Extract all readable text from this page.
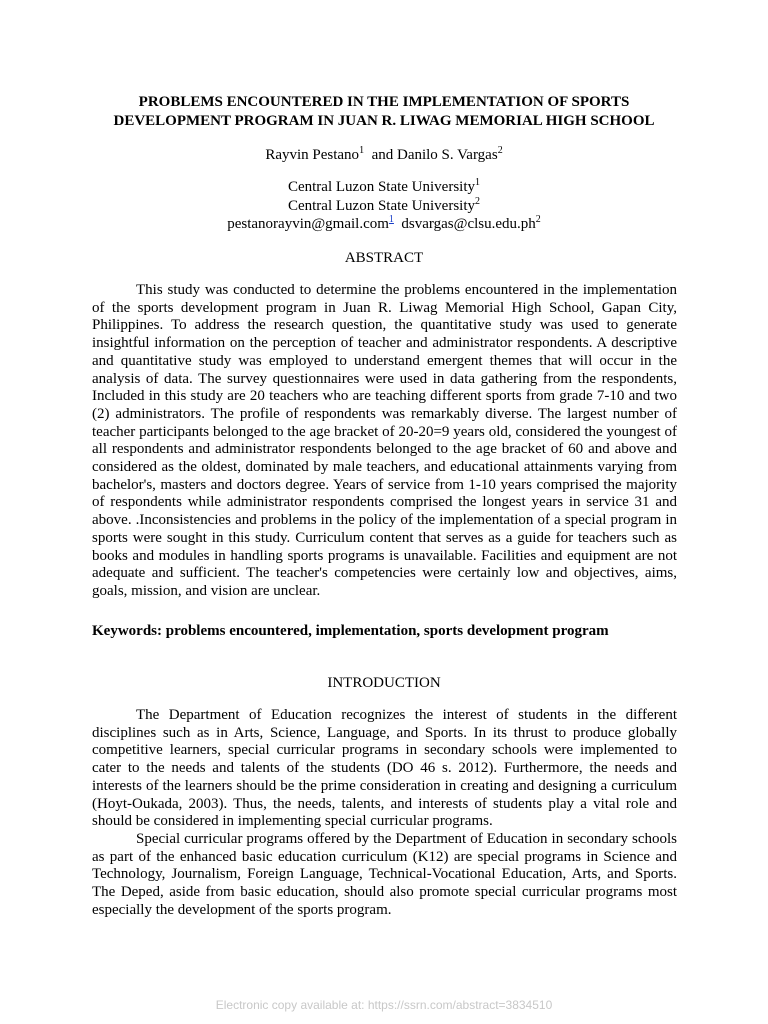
PROBLEMS ENCOUNTERED IN THE IMPLEMENTATION OF SPORTS
DEVELOPMENT PROGRAM IN JUAN R. LIWAG MEMORIAL HIGH SCHOOL
Rayvin Pestano$^1$  and Danilo S. Vargas$^2$
Central Luzon State University$^1$
Central Luzon State University$^2$
pestanorayvin@gmail.com$^1$ $dsvargas@clsu.edu.ph^2$
ABSTRACT
This study was conducted to determine the problems encountered in the implementation of the sports development program in Juan R. Liwag Memorial High School, Gapan City, Philippines. To address the research question, the quantitative study was used to generate insightful information on the perception of teacher and administrator respondents. A descriptive and quantitative study was employed to understand emergent themes that will occur in the analysis of data. The survey questionnaires were used in data gathering from the respondents, Included in this study are 20 teachers who are teaching different sports from grade 7-10 and two (2) administrators. The profile of respondents was remarkably diverse. The largest number of teacher participants belonged to the age bracket of 20-20=9 years old, considered the youngest of all respondents and administrator respondents belonged to the age bracket of 60 and above and considered as the oldest, dominated by male teachers, and educational attainments varying from bachelor's, masters and doctors degree. Years of service from 1-10 years comprised the majority of respondents while administrator respondents comprised the longest years in service 31 and above. .Inconsistencies and problems in the policy of the implementation of a special program in sports were sought in this study. Curriculum content that serves as a guide for teachers such as books and modules in handling sports programs is unavailable. Facilities and equipment are not adequate and sufficient. The teacher's competencies were certainly low and objectives, aims, goals, mission, and vision are unclear.
Keywords: problems encountered, implementation, sports development program
INTRODUCTION
The Department of Education recognizes the interest of students in the different disciplines such as in Arts, Science, Language, and Sports. In its thrust to produce globally competitive learners, special curricular programs in secondary schools were implemented to cater to the needs and talents of the students (DO 46 s. 2012). Furthermore, the needs and interests of the learners should be the prime consideration in creating and designing a curriculum (Hoyt-Oukada, 2003). Thus, the needs, talents, and interests of students play a vital role and should be considered in implementing special curricular programs.
Special curricular programs offered by the Department of Education in secondary schools as part of the enhanced basic education curriculum (K12) are special programs in Science and Technology, Journalism, Foreign Language, Technical-Vocational Education, Arts, and Sports. The Deped, aside from basic education, should also promote special curricular programs most especially the development of the sports program.
Electronic copy available at: https://ssrn.com/abstract=3834510
